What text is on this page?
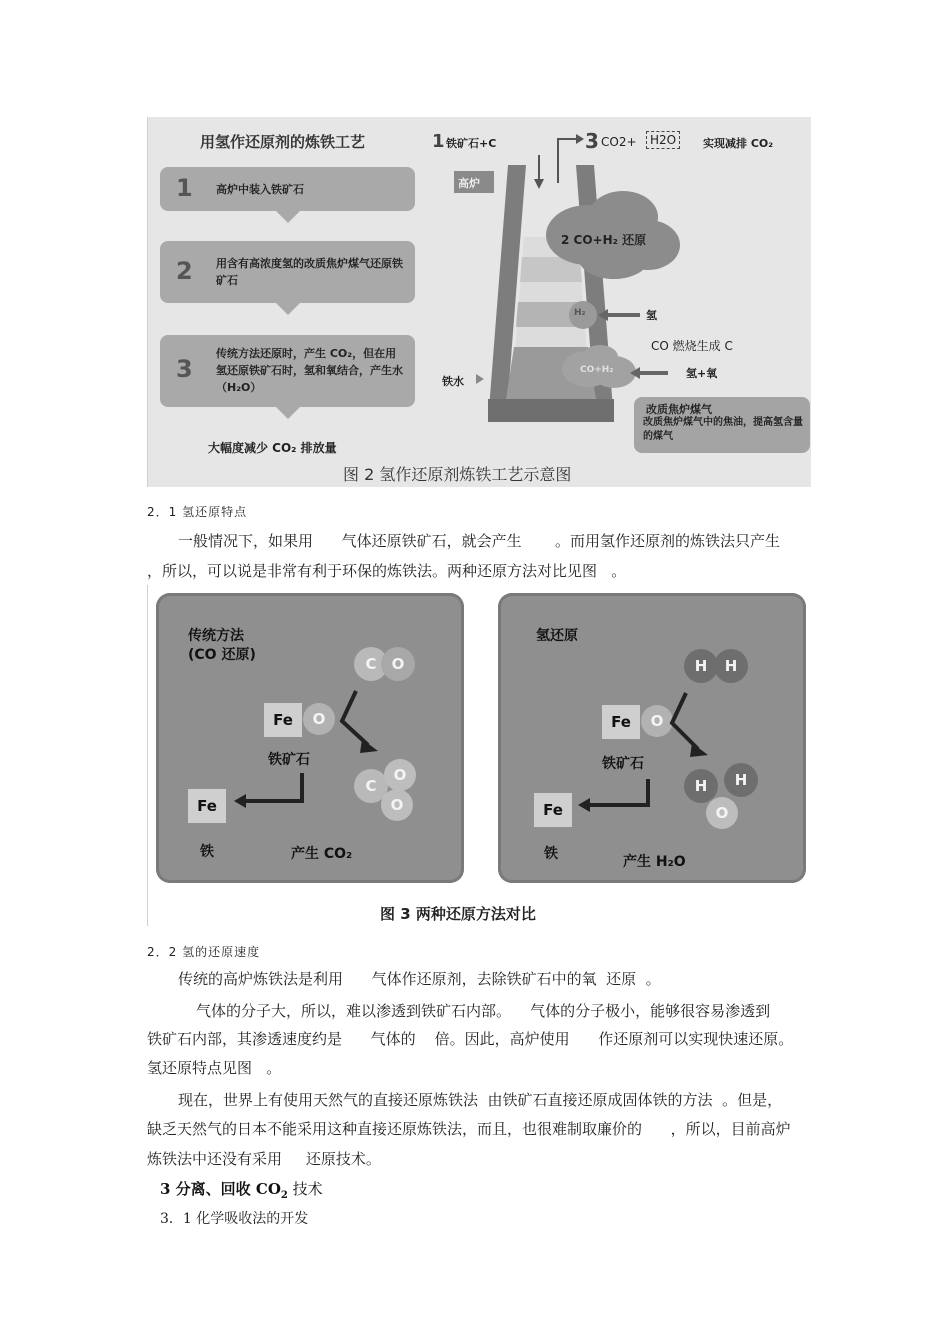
用氢作还原剂的炼铁工艺
1 高炉中装入铁矿石
2 用含有高浓度氢的改质焦炉煤气还原铁矿石
3
传统方法还原时，产生 CO₂，但在用氢还原铁矿石时，氢和氧结合，产生水（H₂O）
大幅度减少 CO₂ 排放量
1 铁矿石+C	3 CO2+	H2O	实现减排 CO₂
高炉
2 CO+H₂ 还原
H₂	氢
CO 燃烧生成 C
CO+H₂
铁水
氢+氧
改质焦炉煤气
改质焦炉煤气中的焦油，提高氢含量的煤气
图 2 氢作还原剂炼铁工艺示意图
2．1 氢还原特点
一般情况下，如果用      气体还原铁矿石，就会产生       。而用氢作还原剂的炼铁法只产生
，所以，可以说是非常有利于环保的炼铁法。两种还原方法对比见图   。
传统方法
(CO 还原)	C	O
Fe	O
铁矿石
C
O
O
Fe
铁	产生 CO₂
氢还原
H	H
Fe	O
铁矿石
H	H
O
Fe
铁	产生 H₂O
图 3 两种还原方法对比
2．2 氢的还原速度
传统的高炉炼铁法是利用      气体作还原剂，去除铁矿石中的氧  还原  。
气体的分子大，所以，难以渗透到铁矿石内部。    气体的分子极小，能够很容易渗透到
铁矿石内部，其渗透速度约是      气体的    倍。因此，高炉使用      作还原剂可以实现快速还原。
氢还原特点见图   。
现在，世界上有使用天然气的直接还原炼铁法  由铁矿石直接还原成固体铁的方法  。但是，
缺乏天然气的日本不能采用这种直接还原炼铁法，而且，也很难制取廉价的      ，所以，目前高炉
炼铁法中还没有采用     还原技术。
3 分离、回收 $CO_2$ 技术
3．1 化学吸收法的开发
